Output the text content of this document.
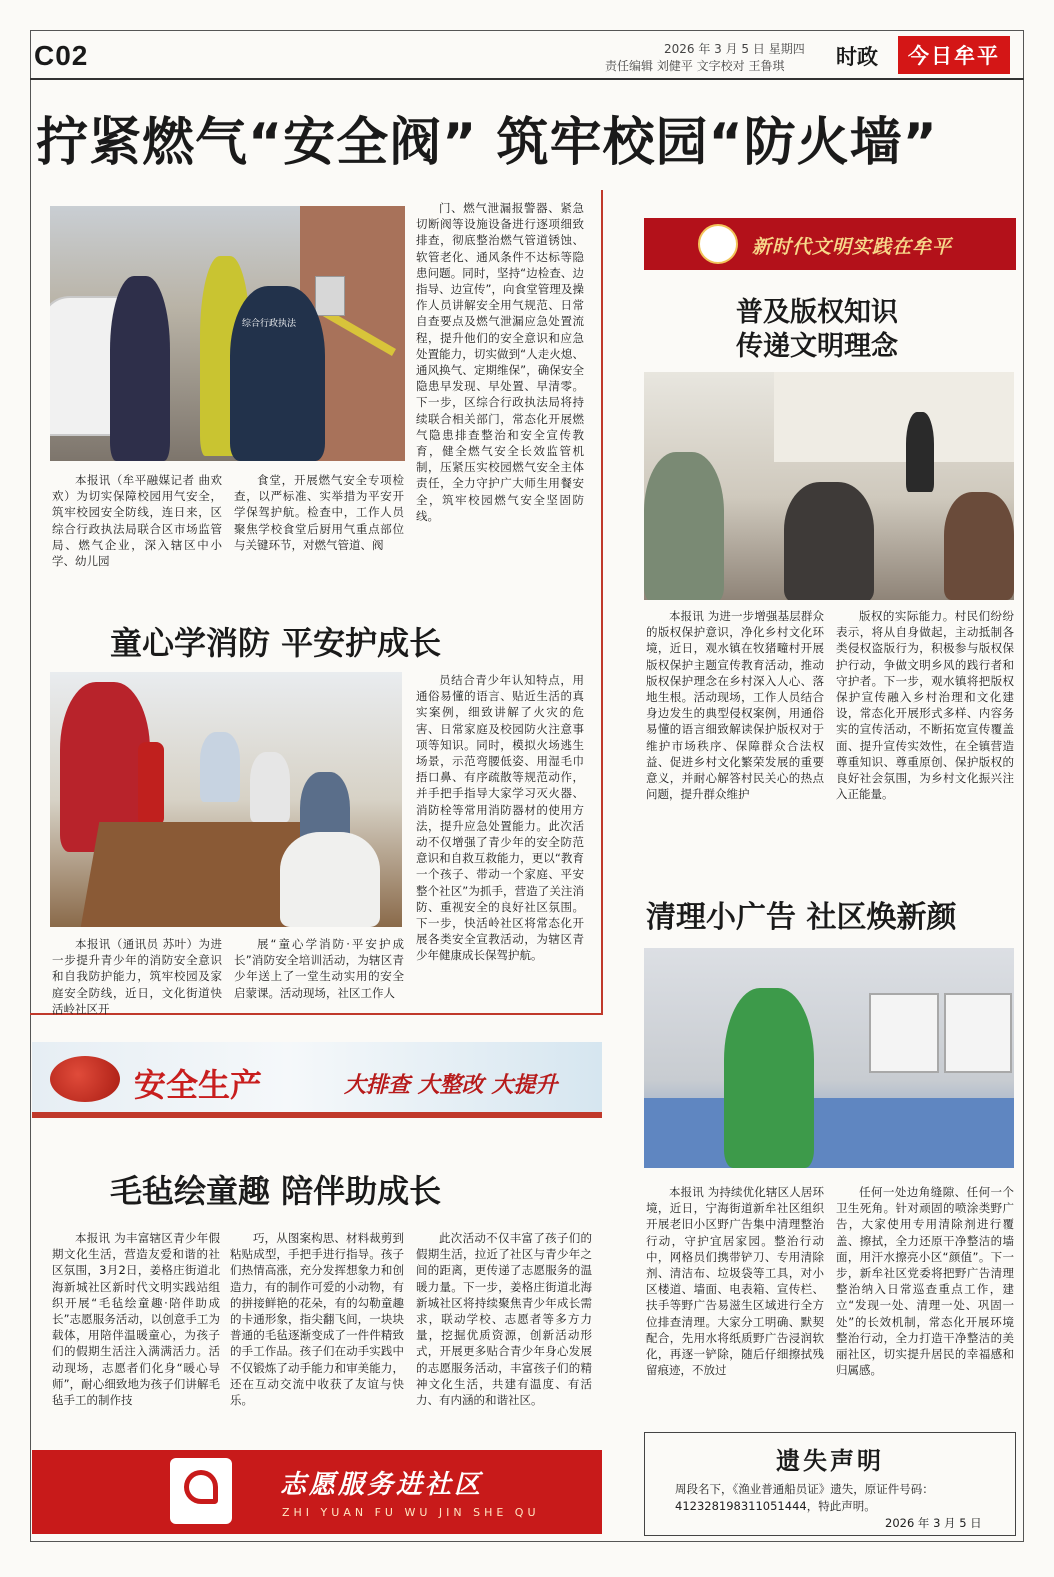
C02	2026 年 3 月 5 日 星期四
责任编辑 刘健平 文字校对 王鲁琪 时政	今日牟平
拧紧燃气“安全阀” 筑牢校园“防火墙”
综合行政执法

本报讯（牟平融媒记者 曲欢欢）为切实保障校园用气安全，筑牢校园安全防线，连日来，区综合行政执法局联合区市场监管局、燃气企业，深入辖区中小学、幼儿园

食堂，开展燃气安全专项检查，以严标准、实举措为平安开学保驾护航。检查中，工作人员聚焦学校食堂后厨用气重点部位与关键环节，对燃气管道、阀

门、燃气泄漏报警器、紧急切断阀等设施设备进行逐项细致排查，彻底整治燃气管道锈蚀、软管老化、通风条件不达标等隐患问题。同时，坚持“边检查、边指导、边宣传”，向食堂管理及操作人员讲解安全用气规范、日常自查要点及燃气泄漏应急处置流程，提升他们的安全意识和应急处置能力，切实做到“人走火熄、通风换气、定期维保”，确保安全隐患早发现、早处置、早清零。下一步，区综合行政执法局将持续联合相关部门，常态化开展燃气隐患排查整治和安全宣传教育，健全燃气安全长效监管机制，压紧压实校园燃气安全主体责任，全力守护广大师生用餐安全，筑牢校园燃气安全坚固防线。

童心学消防 平安护成长

本报讯（通讯员 苏叶）为进一步提升青少年的消防安全意识和自我防护能力，筑牢校园及家庭安全防线，近日，文化街道快活岭社区开

展“童心学消防·平安护成长”消防安全培训活动，为辖区青少年送上了一堂生动实用的安全启蒙课。活动现场，社区工作人

员结合青少年认知特点，用通俗易懂的语言、贴近生活的真实案例，细致讲解了火灾的危害、日常家庭及校园防火注意事项等知识。同时，模拟火场逃生场景，示范弯腰低姿、用湿毛巾捂口鼻、有序疏散等规范动作，并手把手指导大家学习灭火器、消防栓等常用消防器材的使用方法，提升应急处置能力。此次活动不仅增强了青少年的安全防范意识和自救互救能力，更以“教育一个孩子、带动一个家庭、平安整个社区”为抓手，营造了关注消防、重视安全的良好社区氛围。下一步，快活岭社区将常态化开展各类安全宣教活动，为辖区青少年健康成长保驾护航。

安全生产	大排查 大整改 大提升
毛毡绘童趣 陪伴助成长

本报讯 为丰富辖区青少年假期文化生活，营造友爱和谐的社区氛围，3月2日，姜格庄街道北海新城社区新时代文明实践站组织开展“毛毡绘童趣·陪伴助成长”志愿服务活动，以创意手工为载体，用陪伴温暖童心，为孩子们的假期生活注入满满活力。活动现场，志愿者们化身“暖心导师”，耐心细致地为孩子们讲解毛毡手工的制作技

巧，从图案构思、材料裁剪到粘贴成型，手把手进行指导。孩子们热情高涨，充分发挥想象力和创造力，有的制作可爱的小动物，有的拼接鲜艳的花朵，有的勾勒童趣的卡通形象，指尖翻飞间，一块块普通的毛毡逐渐变成了一件件精致的手工作品。孩子们在动手实践中不仅锻炼了动手能力和审美能力，还在互动交流中收获了友谊与快乐。

此次活动不仅丰富了孩子们的假期生活，拉近了社区与青少年之间的距离，更传递了志愿服务的温暖力量。下一步，姜格庄街道北海新城社区将持续聚焦青少年成长需求，联动学校、志愿者等多方力量，挖掘优质资源，创新活动形式，开展更多贴合青少年身心发展的志愿服务活动，丰富孩子们的精神文化生活，共建有温度、有活力、有内涵的和谐社区。

志愿服务进社区
ZHI YUAN FU WU JIN SHE QU
新时代文明实践在牟平
普及版权知识
传递文明理念

本报讯 为进一步增强基层群众的版权保护意识，净化乡村文化环境，近日，观水镇在牧猪疃村开展版权保护主题宣传教育活动，推动版权保护理念在乡村深入人心、落地生根。活动现场，工作人员结合身边发生的典型侵权案例，用通俗易懂的语言细致解读保护版权对于维护市场秩序、保障群众合法权益、促进乡村文化繁荣发展的重要意义，并耐心解答村民关心的热点问题，提升群众维护

版权的实际能力。村民们纷纷表示，将从自身做起，主动抵制各类侵权盗版行为，积极参与版权保护行动，争做文明乡风的践行者和守护者。下一步，观水镇将把版权保护宣传融入乡村治理和文化建设，常态化开展形式多样、内容务实的宣传活动，不断拓宽宣传覆盖面、提升宣传实效性，在全镇营造尊重知识、尊重原创、保护版权的良好社会氛围，为乡村文化振兴注入正能量。

清理小广告 社区焕新颜

本报讯 为持续优化辖区人居环境，近日，宁海街道新牟社区组织开展老旧小区野广告集中清理整治行动，守护宜居家园。整治行动中，网格员们携带铲刀、专用清除剂、清洁布、垃圾袋等工具，对小区楼道、墙面、电表箱、宣传栏、扶手等野广告易滋生区域进行全方位排查清理。大家分工明确、默契配合，先用水将纸质野广告浸润软化，再逐一铲除，随后仔细擦拭残留痕迹，不放过

任何一处边角缝隙、任何一个卫生死角。针对顽固的喷涂类野广告，大家使用专用清除剂进行覆盖、擦拭，全力还原干净整洁的墙面，用汗水擦亮小区“颜值”。下一步，新牟社区党委将把野广告清理整治纳入日常巡查重点工作，建立“发现一处、清理一处、巩固一处”的长效机制，常态化开展环境整治行动，全力打造干净整洁的美丽社区，切实提升居民的幸福感和归属感。

遗失声明
周段名下，《渔业普通船员证》遗失，原证件号码：412328198311051444，特此声明。
2026 年 3 月 5 日
